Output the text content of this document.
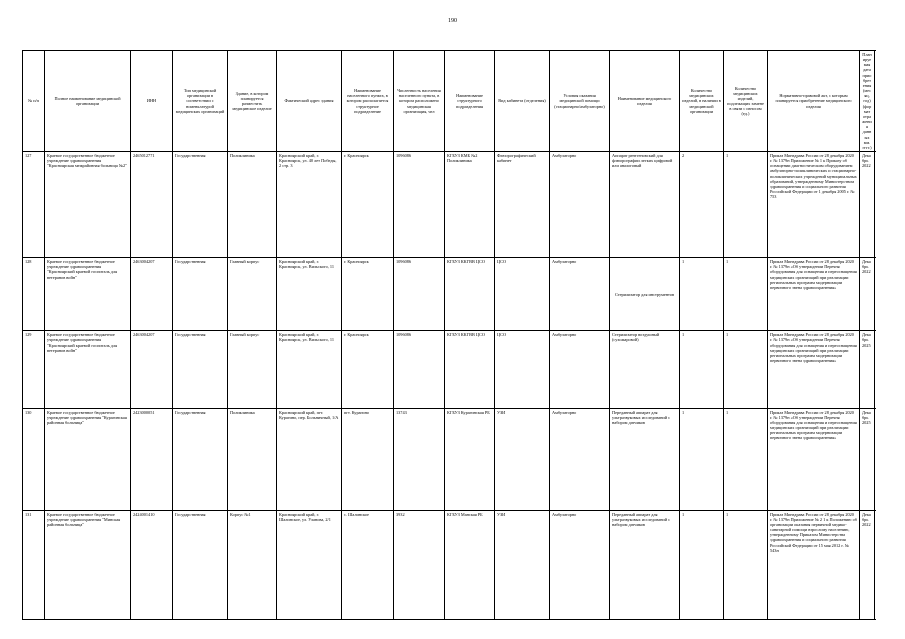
190
№ п/п	Полное наименование медицинской организации	ИНН	Тип медицинской организации в соответствии с номенклатурой медицинских организаций	Здание, в котором планируется разместить медицинское изделие	Фактический адрес здания	Наименование населенного пункта, в котором располагается структурное подразделение	Численность населения населенного пункта, в котором расположено медицинская организация, чел	Наименование структурного подразделения	Вид кабинета (отделения)	Условия оказания медицинской помощи (стационарно/амбулаторно)	Наименование медицинского изделия	Количество медицинских изделий, в наличии в медицинской организации	Количество медицинских изделий, подлежащих замене в связи с износом (ед.)	Нормативно-правовой акт, с которым планируется приобретение медицинского изделия	Планируемая дата приобретения (месяц, год) (формат отражения данных мм. гггг.)
127	Краевое государственное бюджетное учреждение здравоохранения "Красноярская межрайонная больница №2"	2465012771	Государственная	Поликлиника	Красноярский край, г. Красноярск, ул. 40 лет Победы, 2 стр. 3	г. Красноярск	1096086	КГБУЗ КМБ №2 Поликлиника	Флюорографический кабинет	Амбулаторно	Аппарат рентгеновский для флюорографии легких цифровой или аналоговый	2	1	Приказ Минздрава России от 28 декабря 2020 г. № 1379н Приложение № 1 к Приказу об оснащении диагностическим оборудованием амбулаторно-поликлинических и стационарно-поликлинических учреждений муниципальных образований, утвержденному Министерством здравоохранения и социального развития Российской Федерации от 1 декабря 2005 г. № 753	Декабрь 2022
128	Краевое государственное бюджетное учреждение здравоохранения "Красноярский краевой госпиталь для ветеранов войн"	2463004207	Государственная	Главный корпус	Красноярский край, г. Красноярск, ул. Вильского, 11	г. Красноярск	1096086	КГБУЗ ККГВВ ЦСО	ЦСО	Амбулаторно	Стерилизатор для инструментов	1	1	Приказ Минздрава России от 28 декабря 2020 г. № 1379н «Об утверждении Перечня оборудования для оснащения и переоснащения медицинских организаций при реализации региональных программ модернизации первичного звена здравоохранения»	Декабрь 2022
129	Краевое государственное бюджетное учреждение здравоохранения "Красноярский краевой госпиталь для ветеранов войн"	2463004207	Государственная	Главный корпус	Красноярский край, г. Красноярск, ул. Вильского, 11	г. Красноярск	1096086	КГБУЗ ККГВВ ЦСО	ЦСО	Амбулаторно	Стерилизатор воздушный (сухожаровой)	1	1	Приказ Минздрава России от 28 декабря 2020 г. № 1379н «Об утверждении Перечня оборудования для оснащения и переоснащения медицинских организаций при реализации региональных программ модернизации первичного звена здравоохранения»	Декабрь 2025
130	Краевое государственное бюджетное учреждение здравоохранения "Курагинская районная больница"	2423000051	Государственная	Поликлиника	Красноярский край, пгт. Курагино, пер. Больничный, 1/А	пгт. Курагино	13743	КГБУЗ Курагинская РБ	УЗИ	Амбулаторно	Переданный аппарат для ультразвуковых исследований с набором датчиков	1	1	Приказ Минздрава России от 28 декабря 2020 г. № 1379н «Об утверждении Перечня оборудования для оснащения и переоснащения медицинских организаций при реализации региональных программ модернизации первичного звена здравоохранения»	Декабрь 2025
131	Краевое государственное бюджетное учреждение здравоохранения "Минская районная больница"	2424001410	Государственная	Корпус №1	Красноярский край, г. Шалинское, ул. Уланова, 2/1	с. Шалинское	3932	КГБУЗ Манская РБ	УЗИ	Амбулаторно	Переданный аппарат для ультразвуковых исследований с набором датчиков	1	1	Приказ Минздрава России от 28 декабря 2020 г. № 1379н Приложение № 2 1 к Положению об организации оказания первичной медико-санитарной помощи взрослому населению, утвержденному Приказом Министерства здравоохранения и социального развития Российской Федерации от 15 мая 2012 г. № 543н	Декабрь 2022
